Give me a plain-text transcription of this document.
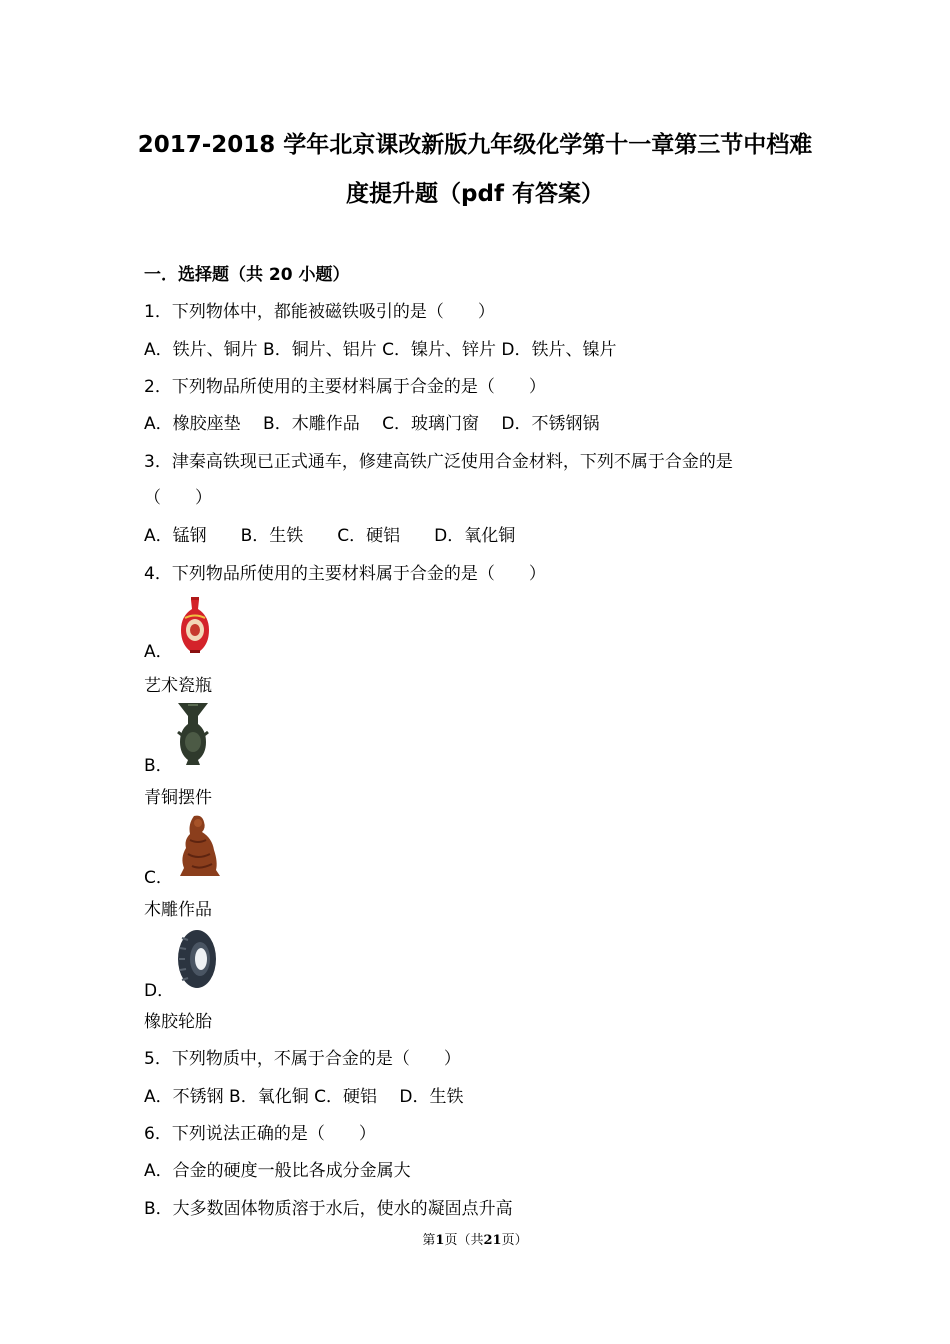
2017-2018 学年北京课改新版九年级化学第十一章第三节中档难
度提升题（pdf 有答案）
一．选择题（共 20 小题）
1．下列物体中，都能被磁铁吸引的是（　　）
A．铁片、铜片 B．铜片、铝片 C．镍片、锌片 D．铁片、镍片
2．下列物品所使用的主要材料属于合金的是（　　）
A．橡胶座垫　 B．木雕作品　 C．玻璃门窗　 D．不锈钢锅
3．津秦高铁现已正式通车，修建高铁广泛使用合金材料，下列不属于合金的是
（　　）
A．锰钢　　B．生铁　　C．硬铝　　D．氧化铜
4．下列物品所使用的主要材料属于合金的是（　　）
A．
艺术瓷瓶
B．
青铜摆件
C．
木雕作品
D．
橡胶轮胎
5．下列物质中，不属于合金的是（　　）
A．不锈钢 B．氧化铜 C．硬铝　 D．生铁
6．下列说法正确的是（　　）
A．合金的硬度一般比各成分金属大
B．大多数固体物质溶于水后，使水的凝固点升高
第1页（共21页）
